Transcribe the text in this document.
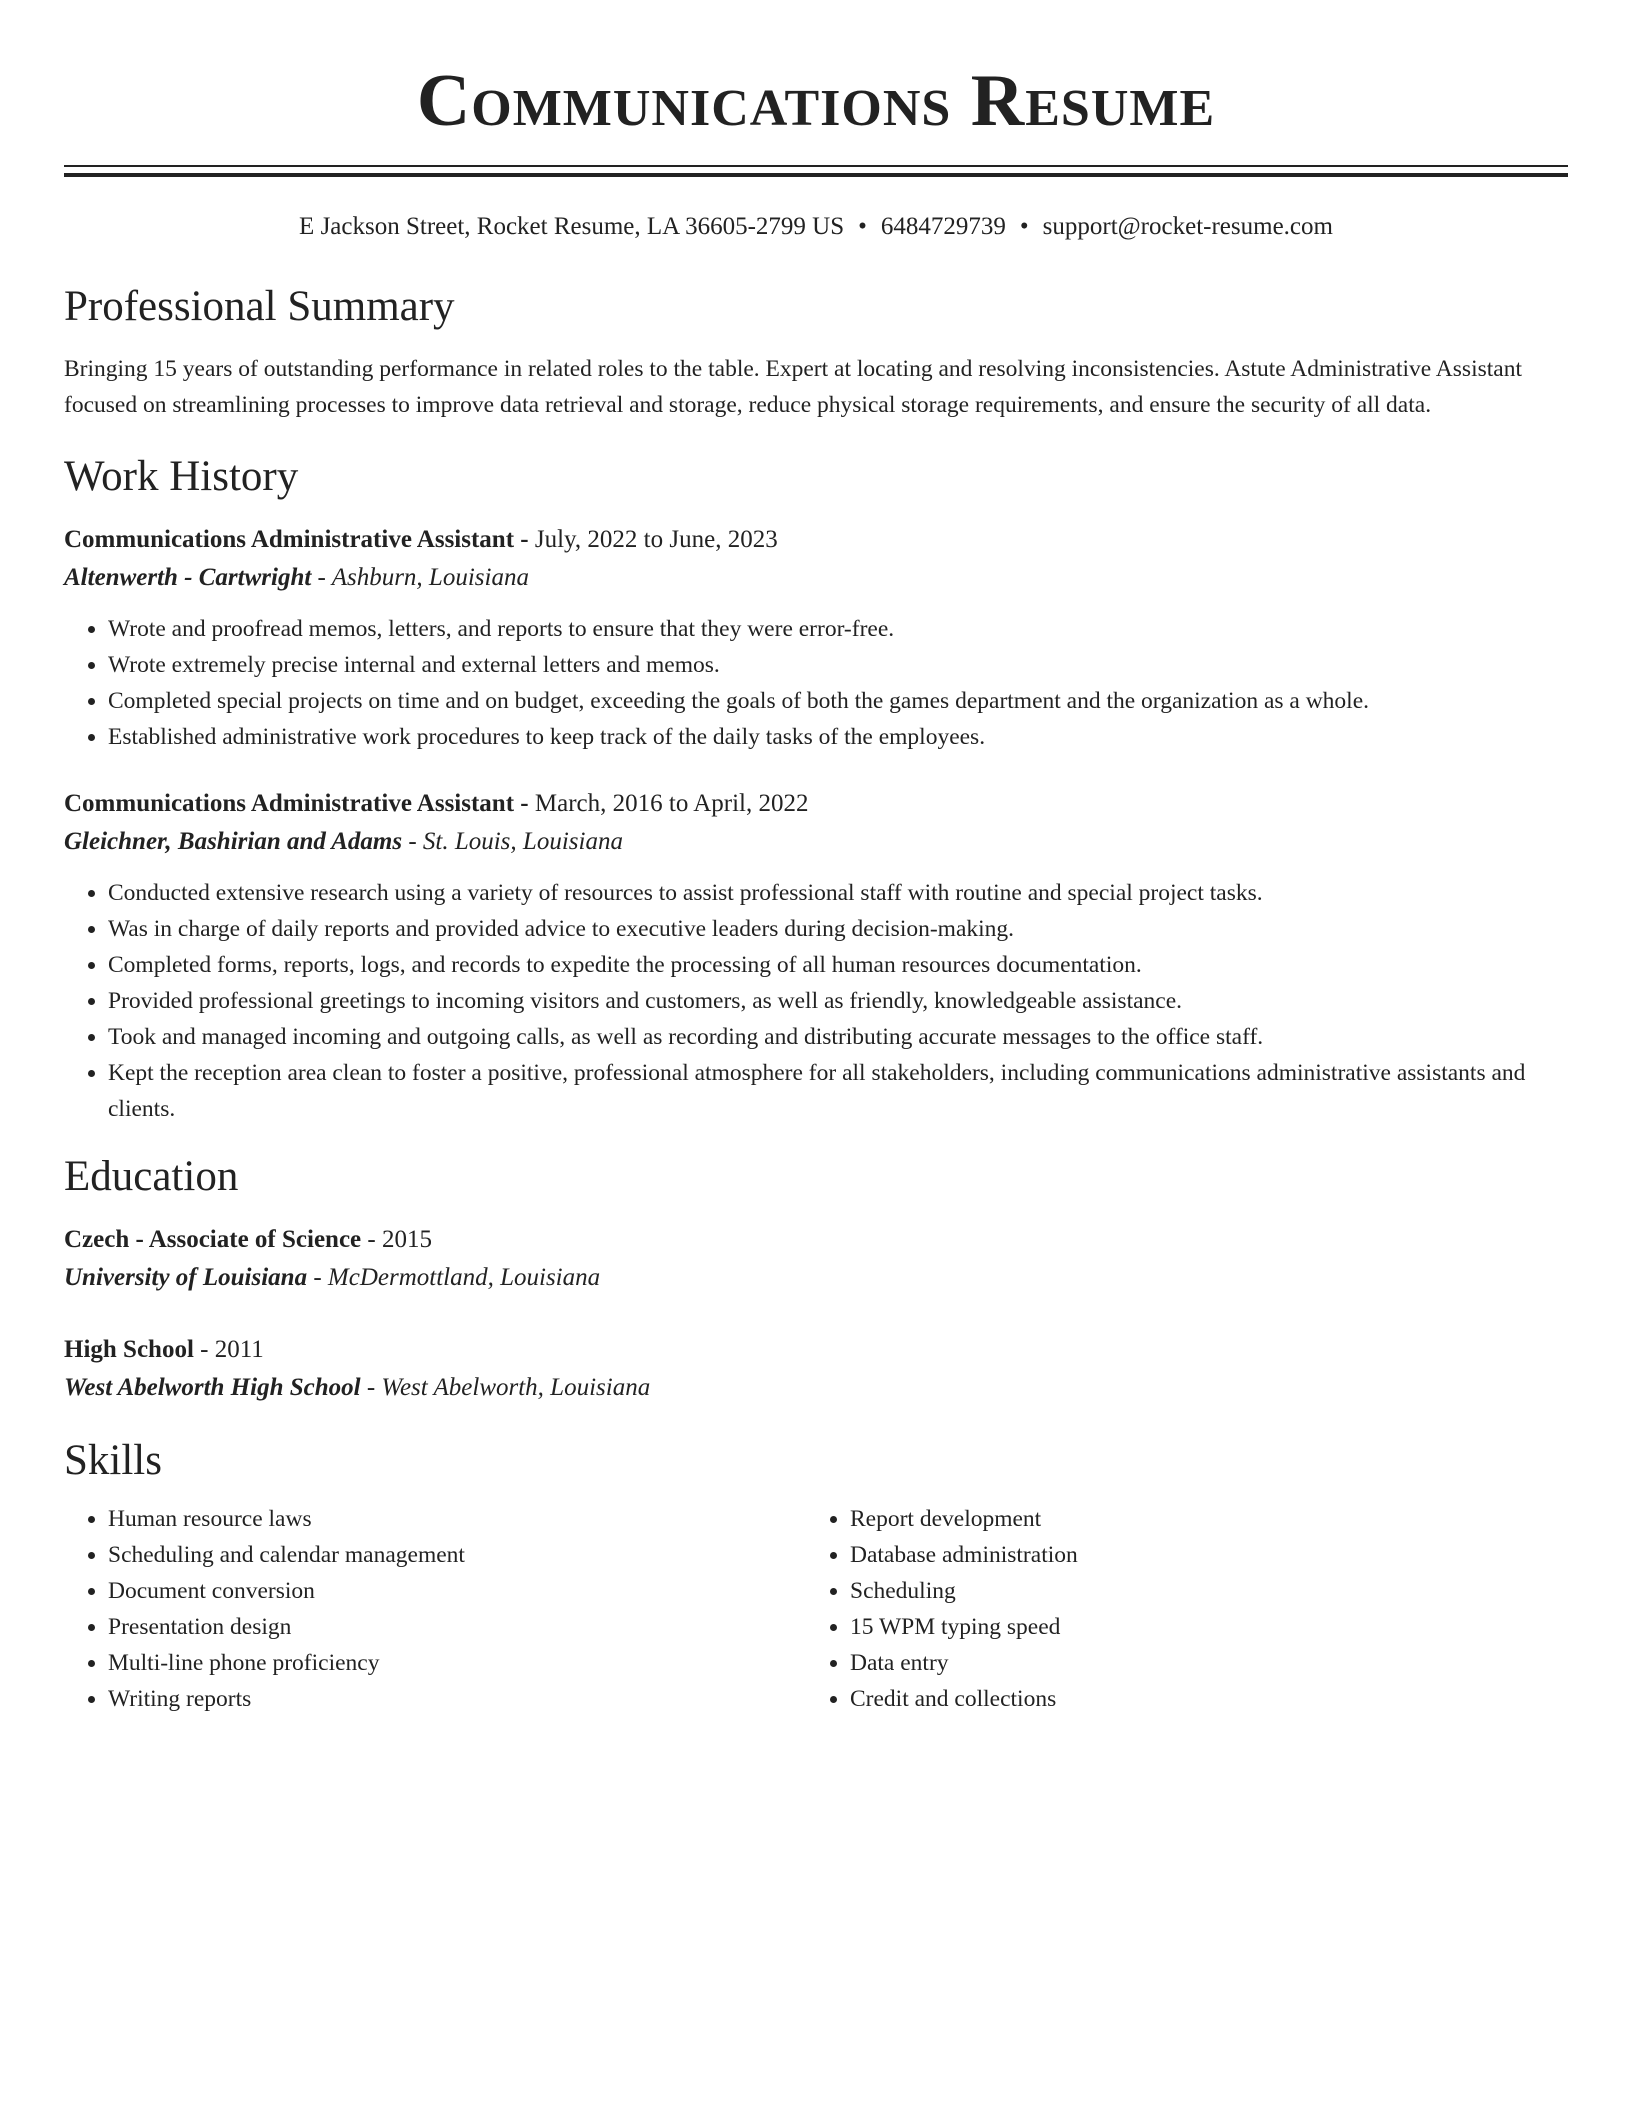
Communications Resume
E Jackson Street, Rocket Resume, LA 36605-2799 US • 6484729739 • support@rocket-resume.com
Professional Summary
Bringing 15 years of outstanding performance in related roles to the table. Expert at locating and resolving inconsistencies. Astute Administrative Assistant focused on streamlining processes to improve data retrieval and storage, reduce physical storage requirements, and ensure the security of all data.
Work History
Communications Administrative Assistant - July, 2022 to June, 2023
Altenwerth - Cartwright - Ashburn, Louisiana
• Wrote and proofread memos, letters, and reports to ensure that they were error-free.
• Wrote extremely precise internal and external letters and memos.
• Completed special projects on time and on budget, exceeding the goals of both the games department and the organization as a whole.
• Established administrative work procedures to keep track of the daily tasks of the employees.
Communications Administrative Assistant - March, 2016 to April, 2022
Gleichner, Bashirian and Adams - St. Louis, Louisiana
• Conducted extensive research using a variety of resources to assist professional staff with routine and special project tasks.
• Was in charge of daily reports and provided advice to executive leaders during decision-making.
• Completed forms, reports, logs, and records to expedite the processing of all human resources documentation.
• Provided professional greetings to incoming visitors and customers, as well as friendly, knowledgeable assistance.
• Took and managed incoming and outgoing calls, as well as recording and distributing accurate messages to the office staff.
• Kept the reception area clean to foster a positive, professional atmosphere for all stakeholders, including communications administrative assistants and clients.
Education
Czech - Associate of Science - 2015
University of Louisiana - McDermottland, Louisiana
High School - 2011
West Abelworth High School - West Abelworth, Louisiana
Skills
• Human resource laws
• Scheduling and calendar management
• Document conversion
• Presentation design
• Multi-line phone proficiency
• Writing reports
• Report development
• Database administration
• Scheduling
• 15 WPM typing speed
• Data entry
• Credit and collections
